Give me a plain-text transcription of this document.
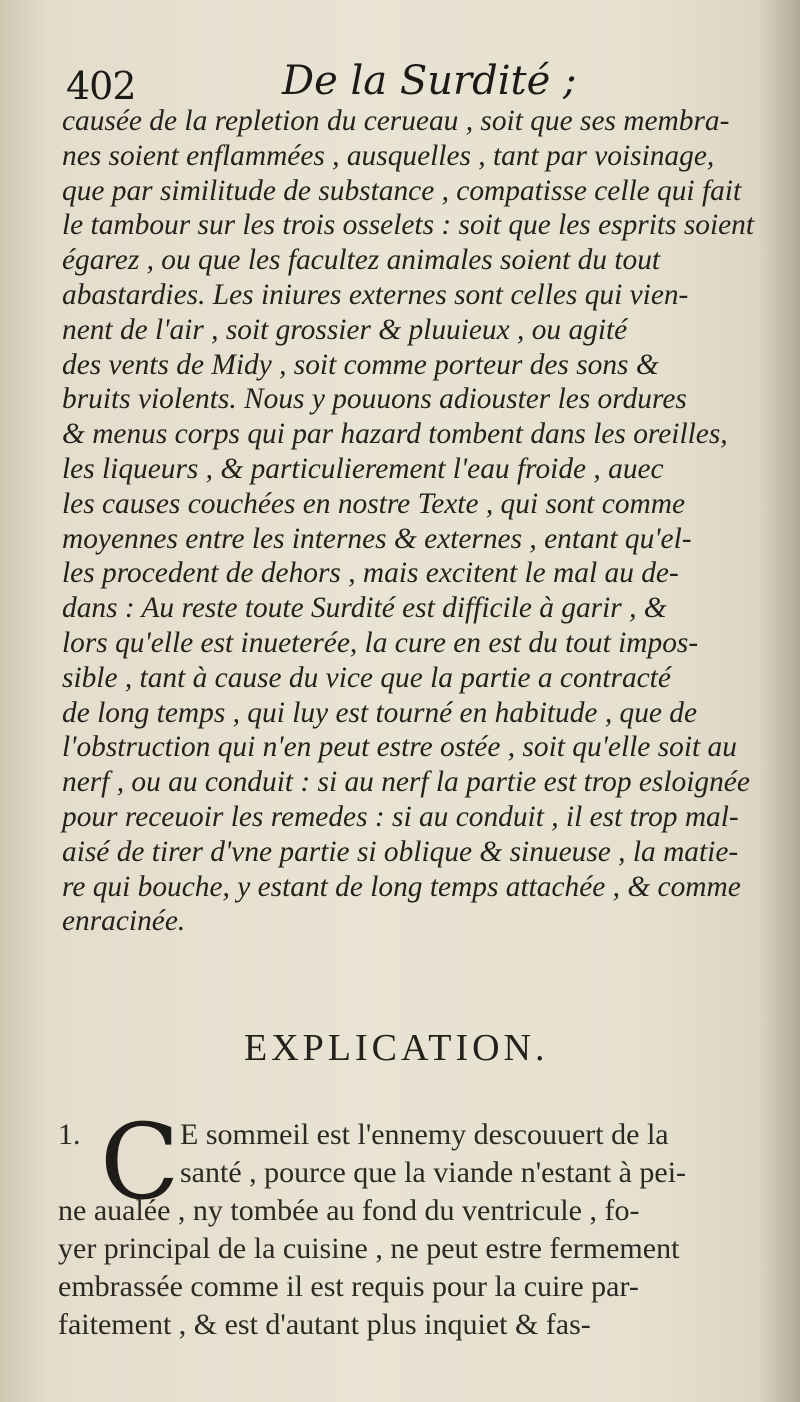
402	De la Surdité ;
causée de la repletion du cerueau , soit que ses membra-
nes soient enflammées , ausquelles , tant par voisinage,
que par similitude de substance , compatisse celle qui fait
le tambour sur les trois osselets : soit que les esprits soient
égarez , ou que les facultez animales soient du tout
abastardies. Les iniures externes sont celles qui vien-
nent de l'air , soit grossier & pluuieux , ou agité
des vents de Midy , soit comme porteur des sons &
bruits violents. Nous y pouuons adiouster les ordures
& menus corps qui par hazard tombent dans les oreilles,
les liqueurs , & particulierement l'eau froide , auec
les causes couchées en nostre Texte , qui sont comme
moyennes entre les internes & externes , entant qu'el-
les procedent de dehors , mais excitent le mal au de-
dans : Au reste toute Surdité est difficile à garir , &
lors qu'elle est inueterée, la cure en est du tout impos-
sible , tant à cause du vice que la partie a contracté
de long temps , qui luy est tourné en habitude , que de
l'obstruction qui n'en peut estre ostée , soit qu'elle soit au
nerf , ou au conduit : si au nerf la partie est trop esloignée
pour receuoir les remedes : si au conduit , il est trop mal-
aisé de tirer d'vne partie si oblique & sinueuse , la matie-
re qui bouche, y estant de long temps attachée , & comme
enracinée.
EXPLICATION.
1. C E sommeil est l'ennemy descouuert de la
santé , pource que la viande n'estant à pei-
ne aualée , ny tombée au fond du ventricule , fo-
yer principal de la cuisine , ne peut estre fermement
embrassée comme il est requis pour la cuire par-
faitement , & est d'autant plus inquiet & fas-
